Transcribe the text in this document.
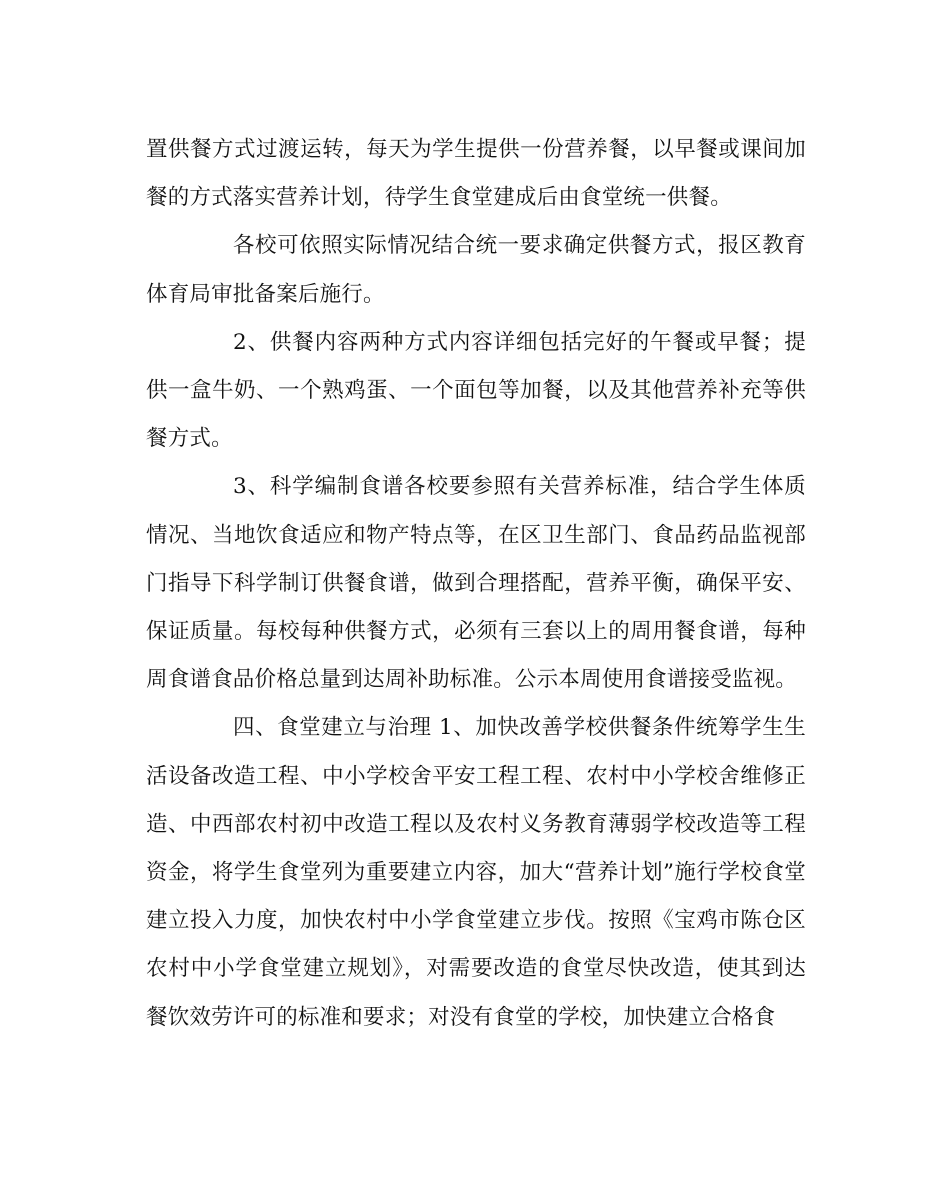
置供餐方式过渡运转，每天为学生提供一份营养餐，以早餐或课间加餐的方式落实营养计划，待学生食堂建成后由食堂统一供餐。

各校可依照实际情况结合统一要求确定供餐方式，报区教育体育局审批备案后施行。

2、供餐内容两种方式内容详细包括完好的午餐或早餐；提供一盒牛奶、一个熟鸡蛋、一个面包等加餐，以及其他营养补充等供餐方式。

3、科学编制食谱各校要参照有关营养标准，结合学生体质情况、当地饮食适应和物产特点等，在区卫生部门、食品药品监视部门指导下科学制订供餐食谱，做到合理搭配，营养平衡，确保平安、保证质量。每校每种供餐方式，必须有三套以上的周用餐食谱，每种周食谱食品价格总量到达周补助标准。公示本周使用食谱接受监视。

四、食堂建立与治理 1、加快改善学校供餐条件统筹学生生活设备改造工程、中小学校舍平安工程工程、农村中小学校舍维修正造、中西部农村初中改造工程以及农村义务教育薄弱学校改造等工程资金，将学生食堂列为重要建立内容，加大“营养计划”施行学校食堂建立投入力度，加快农村中小学食堂建立步伐。按照《宝鸡市陈仓区农村中小学食堂建立规划》，对需要改造的食堂尽快改造，使其到达餐饮效劳许可的标准和要求；对没有食堂的学校，加快建立合格食
